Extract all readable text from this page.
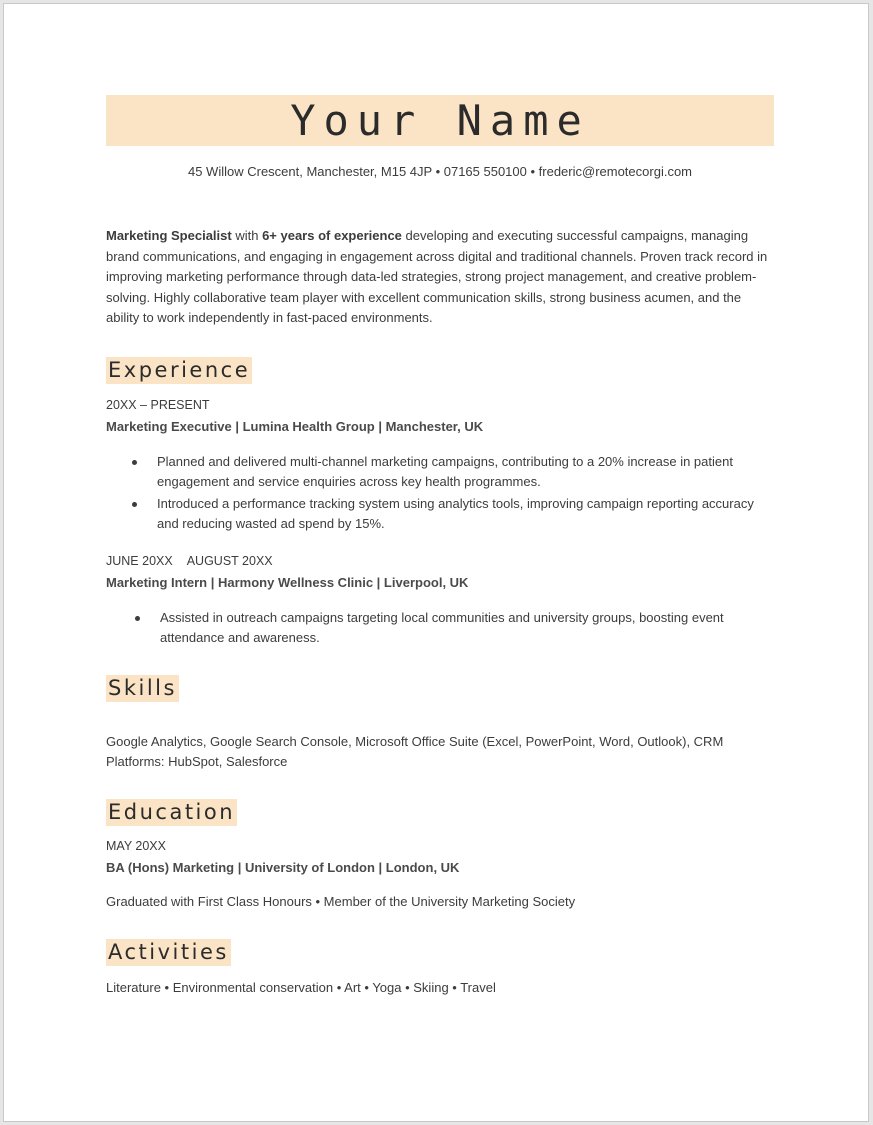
Your Name
45 Willow Crescent, Manchester, M15 4JP • 07165 550100 • frederic@remotecorgi.com

Marketing Specialist with 6+ years of experience developing and executing successful campaigns, managing brand communications, and engaging in engagement across digital and traditional channels. Proven track record in improving marketing performance through data-led strategies, strong project management, and creative problem-solving. Highly collaborative team player with excellent communication skills, strong business acumen, and the ability to work independently in fast-paced environments.

Experience
20XX – PRESENT
Marketing Executive | Lumina Health Group | Manchester, UK
Planned and delivered multi-channel marketing campaigns, contributing to a 20% increase in patient engagement and service enquiries across key health programmes.
Introduced a performance tracking system using analytics tools, improving campaign reporting accuracy and reducing wasted ad spend by 15%.
JUNE 20XX AUGUST 20XX
Marketing Intern | Harmony Wellness Clinic | Liverpool, UK
Assisted in outreach campaigns targeting local communities and university groups, boosting event attendance and awareness.
Skills
Google Analytics, Google Search Console, Microsoft Office Suite (Excel, PowerPoint, Word, Outlook), CRM Platforms: HubSpot, Salesforce
Education
MAY 20XX
BA (Hons) Marketing | University of London | London, UK
Graduated with First Class Honours • Member of the University Marketing Society
Activities
Literature • Environmental conservation • Art • Yoga • Skiing • Travel
